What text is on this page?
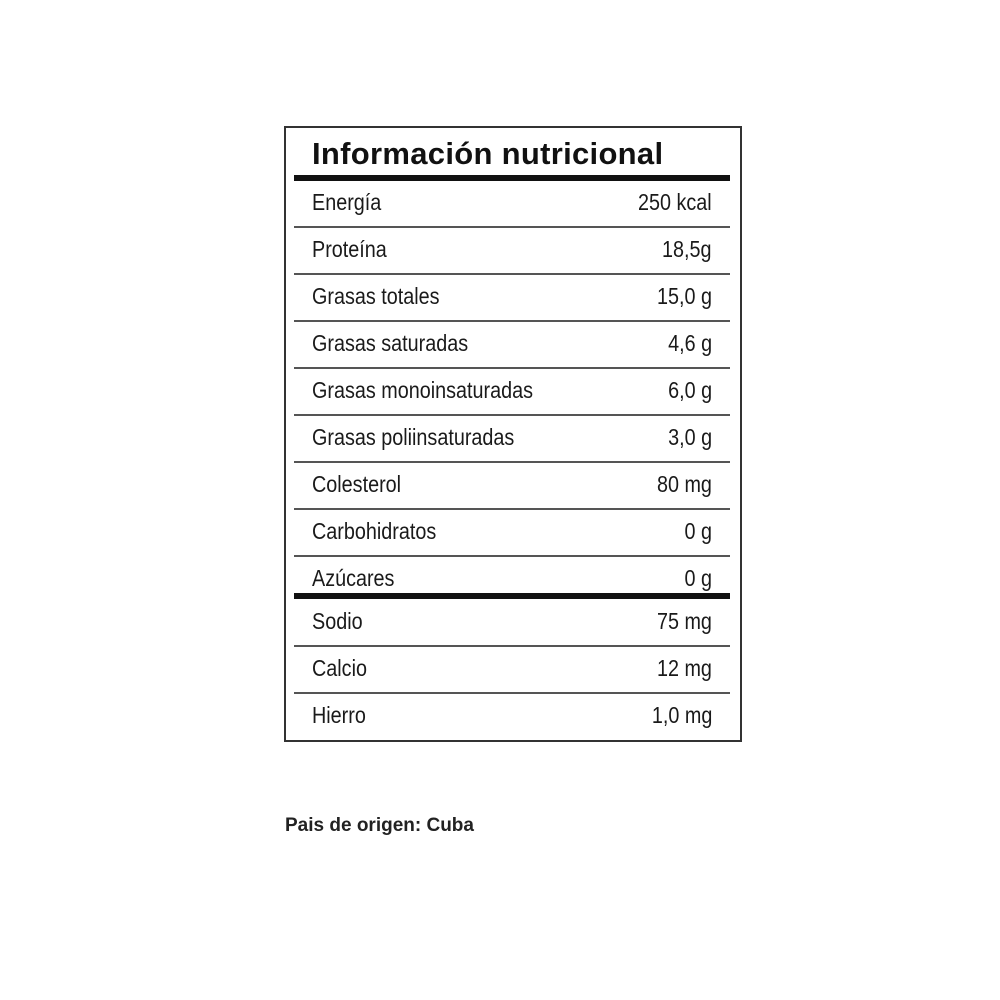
Información nutricional
Energía	250 kcal
Proteína	18,5g
Grasas totales	15,0 g
Grasas saturadas	4,6 g
Grasas monoinsaturadas	6,0 g
Grasas poliinsaturadas	3,0 g
Colesterol	80 mg
Carbohidratos	0 g
Azúcares	0 g
Sodio	75 mg
Calcio	12 mg
Hierro	1,0 mg
Pais de origen: Cuba
